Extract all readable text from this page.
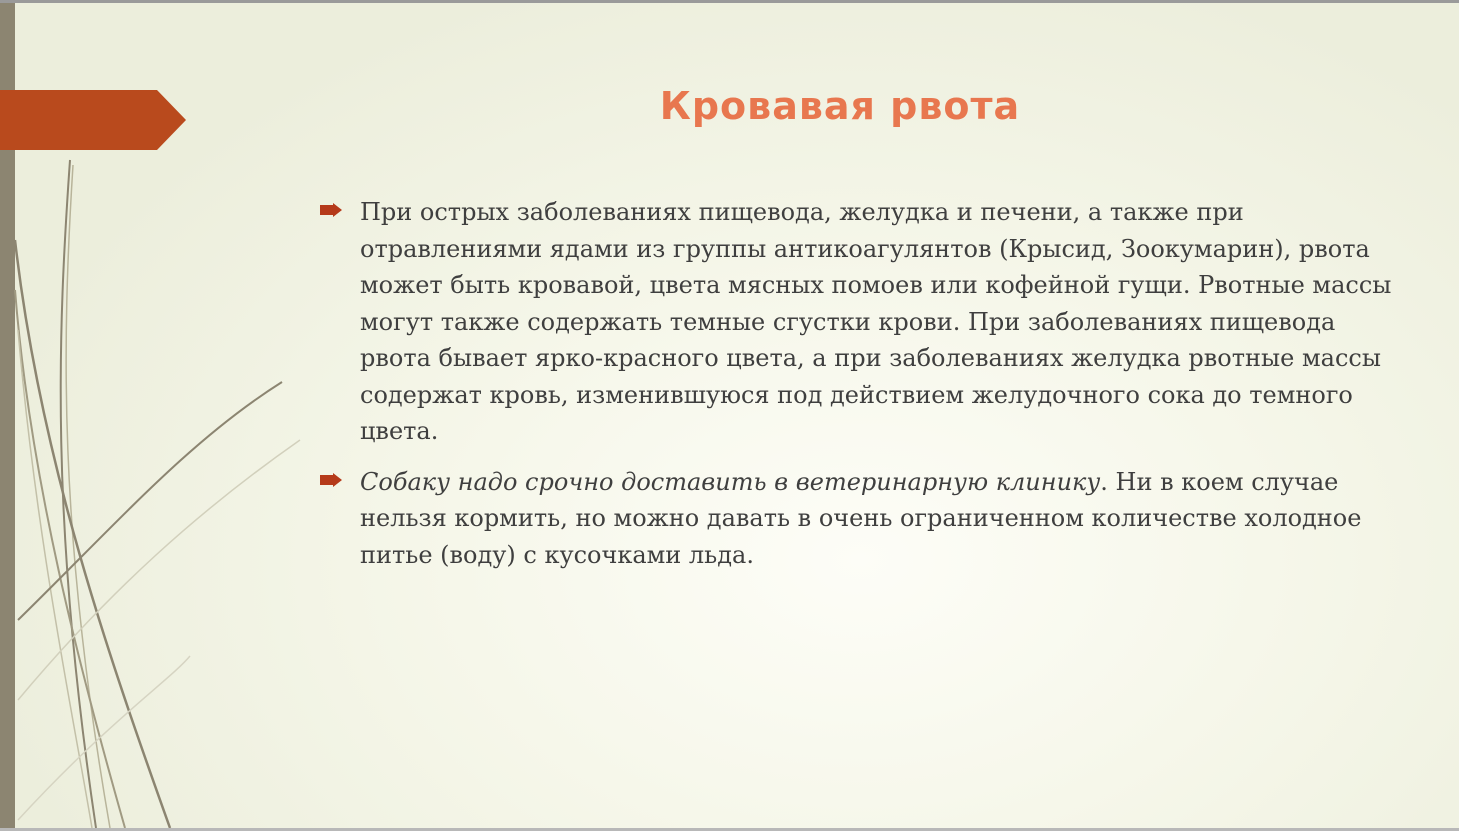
Кровавая рвота
При острых заболеваниях пищевода, желудка и печени, а также при отравлениями ядами из группы антикоагулянтов (Крысид, Зоокумарин), рвота может быть кровавой, цвета мясных помоев или кофейной гущи. Рвотные массы могут также содержать темные сгустки крови. При заболеваниях пищевода рвота бывает ярко-красного цвета, а при заболеваниях желудка рвотные массы содержат кровь, изменившуюся под действием желудочного сока до темного цвета.
Собаку надо срочно доставить в ветеринарную клинику. Ни в коем случае нельзя кормить, но можно давать в очень ограниченном количестве холодное питье (воду) с кусочками льда.
